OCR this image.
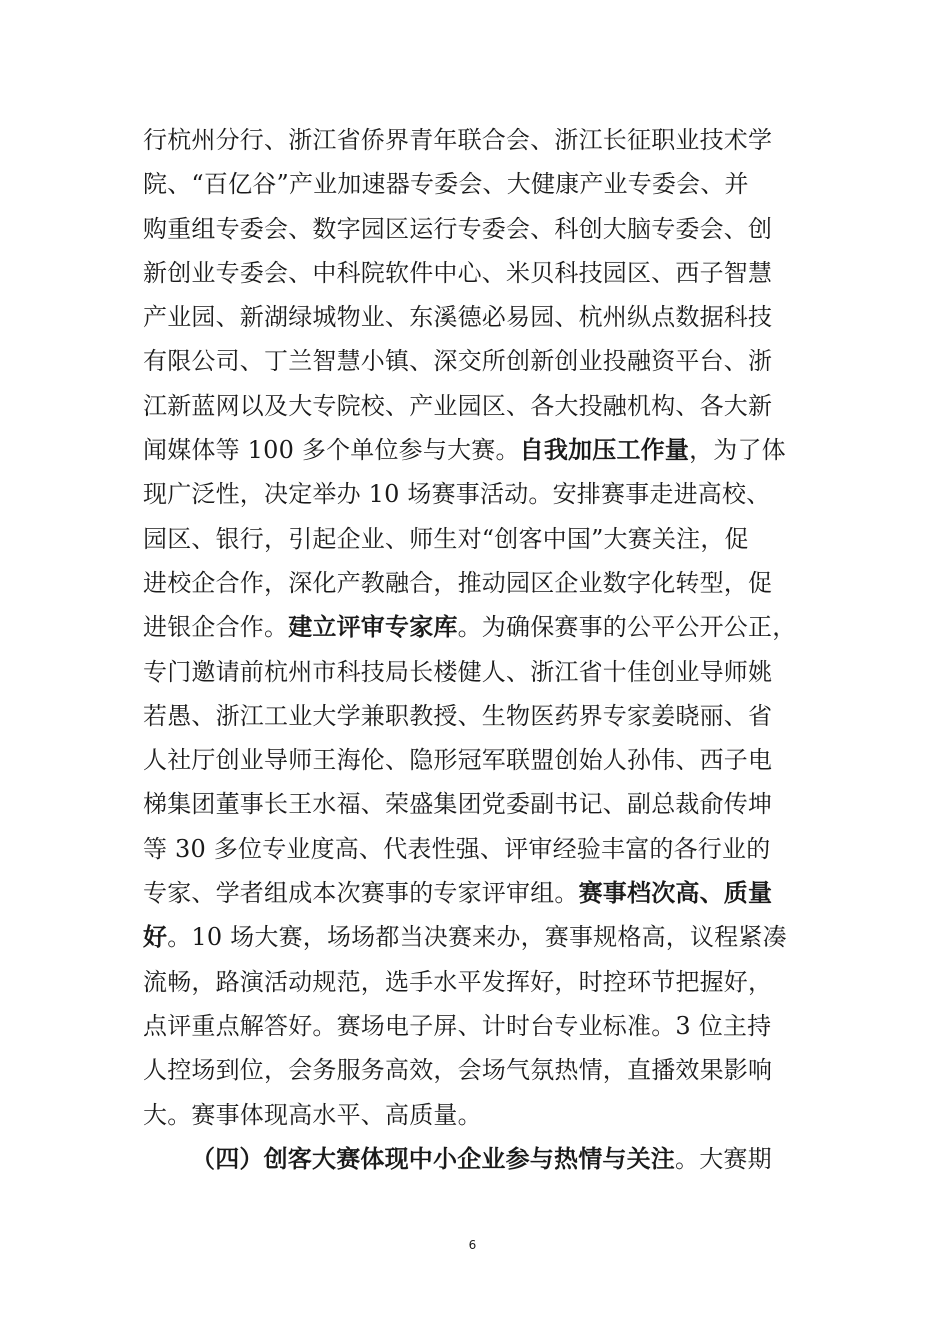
行杭州分行、浙江省侨界青年联合会、浙江长征职业技术学
院、“百亿谷”产业加速器专委会、大健康产业专委会、并
购重组专委会、数字园区运行专委会、科创大脑专委会、创
新创业专委会、中科院软件中心、米贝科技园区、西子智慧
产业园、新湖绿城物业、东溪德必易园、杭州纵点数据科技
有限公司、丁兰智慧小镇、深交所创新创业投融资平台、浙
江新蓝网以及大专院校、产业园区、各大投融机构、各大新
闻媒体等 100 多个单位参与大赛。自我加压工作量，为了体
现广泛性，决定举办 10 场赛事活动。安排赛事走进高校、
园区、银行，引起企业、师生对“创客中国”大赛关注，促
进校企合作，深化产教融合，推动园区企业数字化转型，促
进银企合作。建立评审专家库。为确保赛事的公平公开公正，
专门邀请前杭州市科技局长楼健人、浙江省十佳创业导师姚
若愚、浙江工业大学兼职教授、生物医药界专家姜晓丽、省
人社厅创业导师王海伦、隐形冠军联盟创始人孙伟、西子电
梯集团董事长王水福、荣盛集团党委副书记、副总裁俞传坤
等 30 多位专业度高、代表性强、评审经验丰富的各行业的
专家、学者组成本次赛事的专家评审组。赛事档次高、质量
好。10 场大赛，场场都当决赛来办，赛事规格高，议程紧凑
流畅，路演活动规范，选手水平发挥好，时控环节把握好，
点评重点解答好。赛场电子屏、计时台专业标准。3 位主持
人控场到位，会务服务高效，会场气氛热情，直播效果影响
大。赛事体现高水平、高质量。
（四）创客大赛体现中小企业参与热情与关注。大赛期
6
